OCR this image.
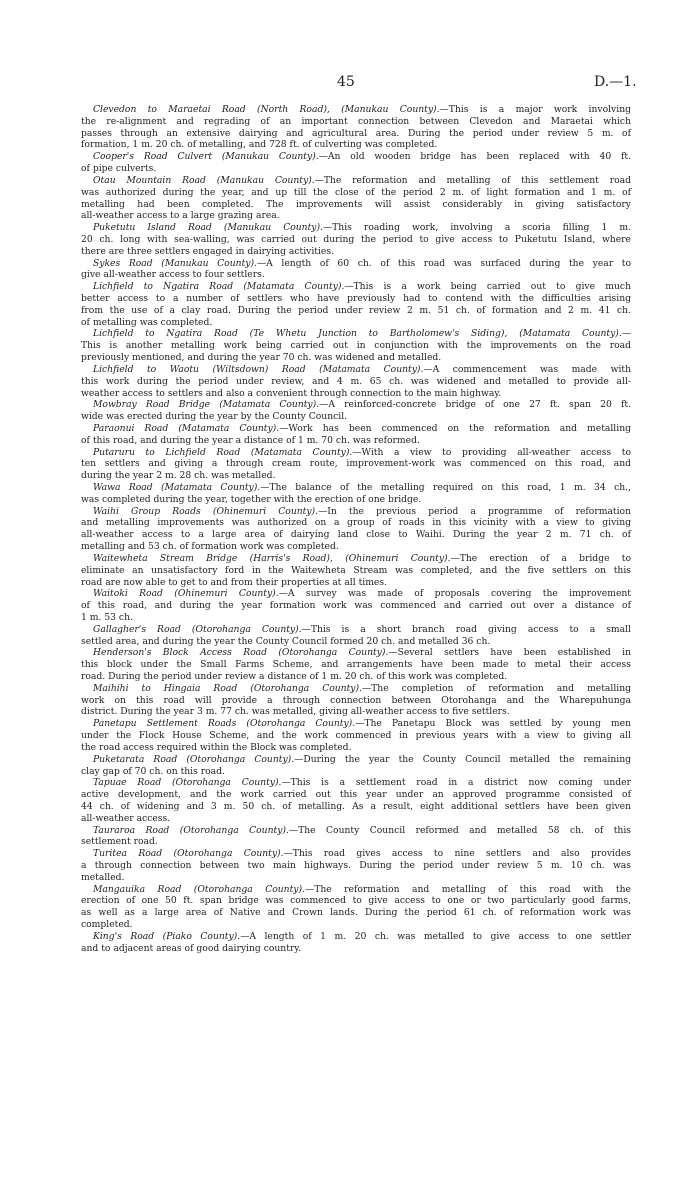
45	D.—1.
Clevedon to Maraetai Road (North Road), (Manukau County).—This is a major work involving
the re-alignment and regrading of an important connection between Clevedon and Maraetai which
passes through an extensive dairying and agricultural area. During the period under review 5 m. of
formation, 1 m. 20 ch. of metalling, and 728 ft. of culverting was completed.
Cooper's Road Culvert (Manukau County).—An old wooden bridge has been replaced with 40 ft.
of pipe culverts.
Otau Mountain Road (Manukau County).—The reformation and metalling of this settlement road
was authorized during the year, and up till the close of the period 2 m. of light formation and 1 m. of
metalling had been completed. The improvements will assist considerably in giving satisfactory
all-weather access to a large grazing area.
Puketutu Island Road (Manukau County).—This roading work, involving a scoria filling 1 m.
20 ch. long with sea-walling, was carried out during the period to give access to Puketutu Island, where
there are three settlers engaged in dairying activities.
Sykes Road (Manukau County).—A length of 60 ch. of this road was surfaced during the year to
give all-weather access to four settlers.
Lichfield to Ngatira Road (Matamata County).—This is a work being carried out to give much
better access to a number of settlers who have previously had to contend with the difficulties arising
from the use of a clay road. During the period under review 2 m. 51 ch. of formation and 2 m. 41 ch.
of metalling was completed.
Lichfield to Ngatira Road (Te Whetu Junction to Bartholomew's Siding), (Matamata County).—
This is another metalling work being carried out in conjunction with the improvements on the road
previously mentioned, and during the year 70 ch. was widened and metalled.
Lichfield to Waotu (Wiltsdown) Road (Matamata County).—A commencement was made with
this work during the period under review, and 4 m. 65 ch. was widened and metalled to provide all-
weather access to settlers and also a convenient through connection to the main highway.
Mowbray Road Bridge (Matamata County).—A reinforced-concrete bridge of one 27 ft. span 20 ft.
wide was erected during the year by the County Council.
Paraonui Road (Matamata County).—Work has been commenced on the reformation and metalling
of this road, and during the year a distance of 1 m. 70 ch. was reformed.
Putaruru to Lichfield Road (Matamata County).—With a view to providing all-weather access to
ten settlers and giving a through cream route, improvement-work was commenced on this road, and
during the year 2 m. 28 ch. was metalled.
Wawa Road (Matamata County).—The balance of the metalling required on this road, 1 m. 34 ch.,
was completed during the year, together with the erection of one bridge.
Waihi Group Roads (Ohinemuri County).—In the previous period a programme of reformation
and metalling improvements was authorized on a group of roads in this vicinity with a view to giving
all-weather access to a large area of dairying land close to Waihi. During the year 2 m. 71 ch. of
metalling and 53 ch. of formation work was completed.
Waitewheta Stream Bridge (Harris's Road), (Ohinemuri County).—The erection of a bridge to
eliminate an unsatisfactory ford in the Waitewheta Stream was completed, and the five settlers on this
road are now able to get to and from their properties at all times.
Waitoki Road (Ohinemuri County).—A survey was made of proposals covering the improvement
of this road, and during the year formation work was commenced and carried out over a distance of
1 m. 53 ch.
Gallagher's Road (Otorohanga County).—This is a short branch road giving access to a small
settled area, and during the year the County Council formed 20 ch. and metalled 36 ch.
Henderson's Block Access Road (Otorohanga County).—Several settlers have been established in
this block under the Small Farms Scheme, and arrangements have been made to metal their access
road. During the period under review a distance of 1 m. 20 ch. of this work was completed.
Maihihi to Hingaia Road (Otorohanga County).—The completion of reformation and metalling
work on this road will provide a through connection between Otorohanga and the Wharepuhunga
district. During the year 3 m. 77 ch. was metalled, giving all-weather access to five settlers.
Panetapu Settlement Roads (Otorohanga County).—The Panetapu Block was settled by young men
under the Flock House Scheme, and the work commenced in previous years with a view to giving all
the road access required within the Block was completed.
Puketarata Road (Otorohanga County).—During the year the County Council metalled the remaining
clay gap of 70 ch. on this road.
Tapuae Road (Otorohanga County).—This is a settlement road in a district now coming under
active development, and the work carried out this year under an approved programme consisted of
44 ch. of widening and 3 m. 50 ch. of metalling. As a result, eight additional settlers have been given
all-weather access.
Tauraroa Road (Otorohanga County).—The County Council reformed and metalled 58 ch. of this
settlement road.
Turitea Road (Otorohanga County).—This road gives access to nine settlers and also provides
a through connection between two main highways. During the period under review 5 m. 10 ch. was
metalled.
Mangauika Road (Otorohanga County).—The reformation and metalling of this road with the
erection of one 50 ft. span bridge was commenced to give access to one or two particularly good farms,
as well as a large area of Native and Crown lands. During the period 61 ch. of reformation work was
completed.
King's Road (Piako County).—A length of 1 m. 20 ch. was metalled to give access to one settler
and to adjacent areas of good dairying country.
